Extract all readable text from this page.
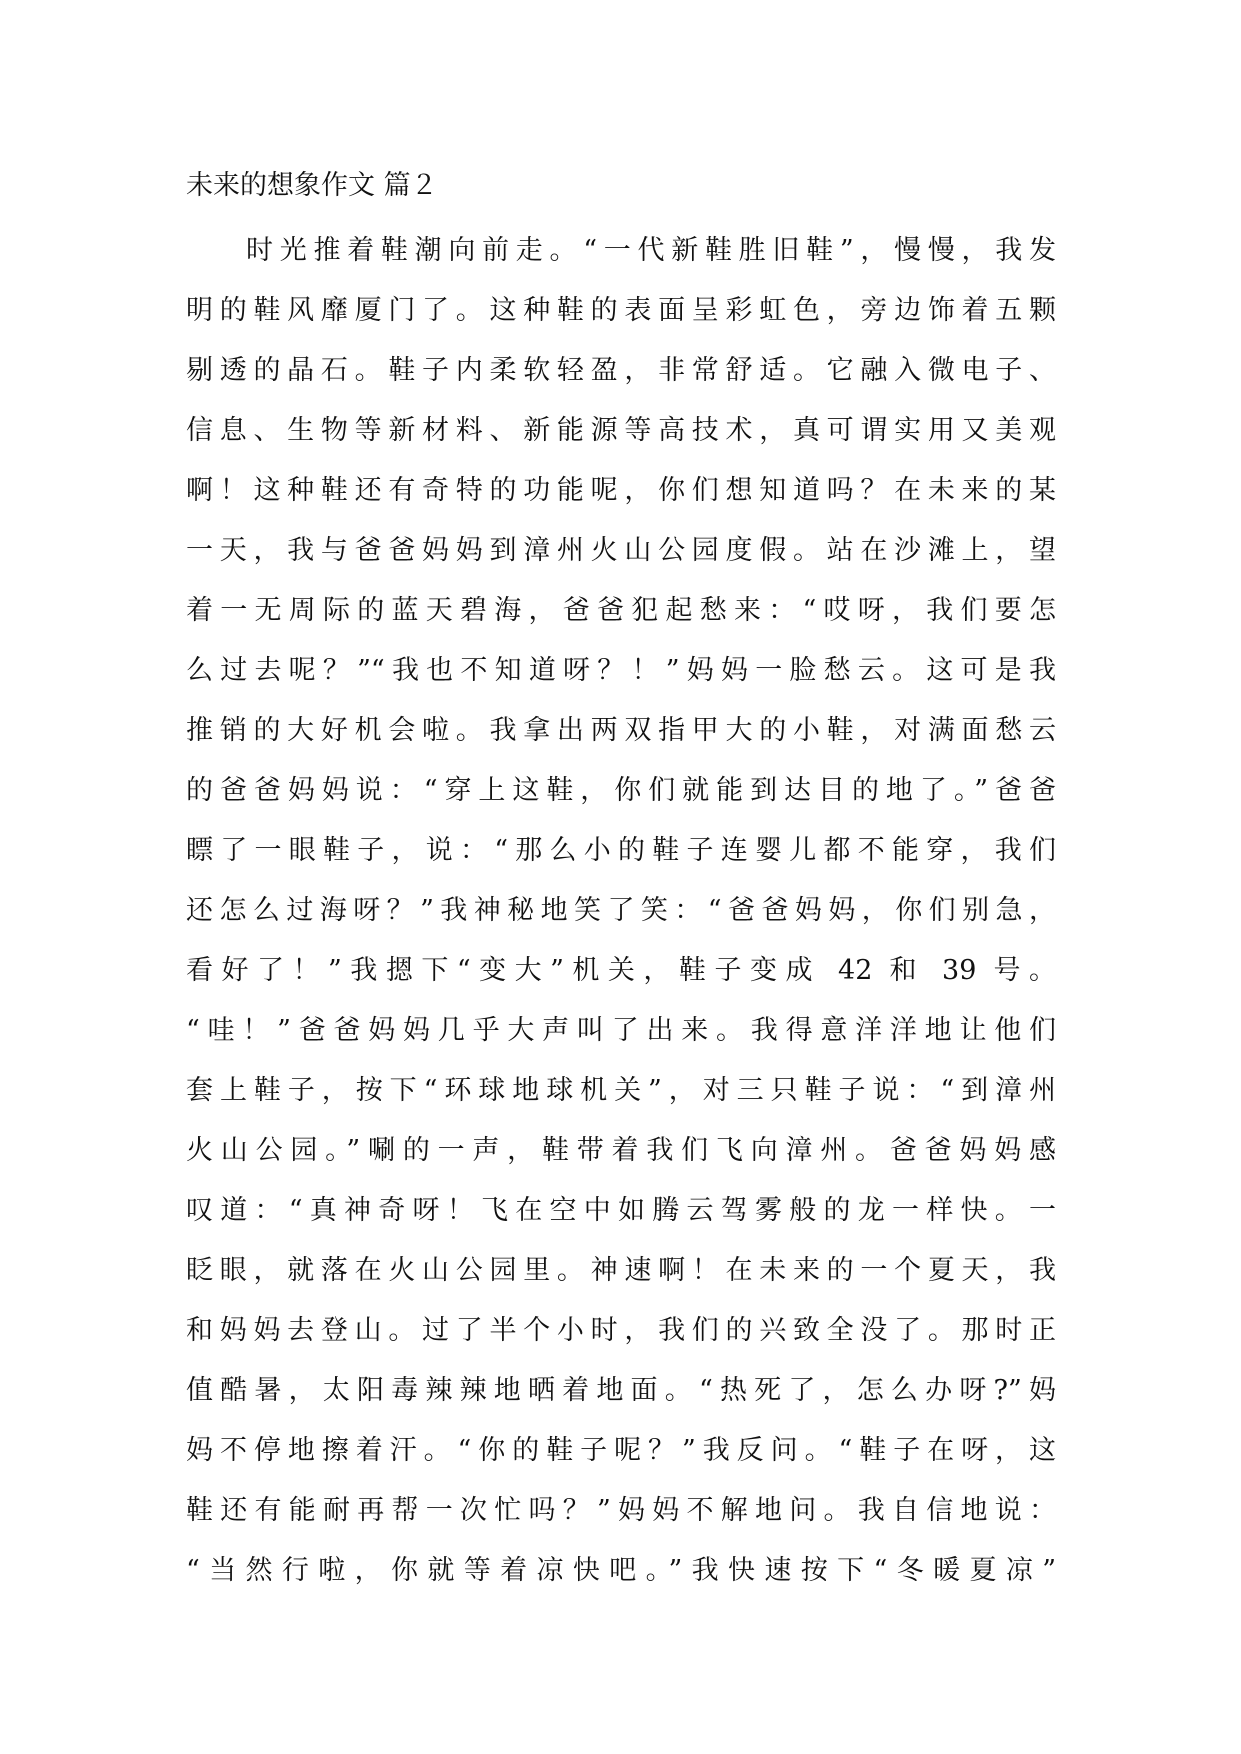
未来的想象作文 篇２
时光推着鞋潮向前走。“一代新鞋胜旧鞋”，慢慢，我发
明的鞋风靡厦门了。这种鞋的表面呈彩虹色，旁边饰着五颗
剔透的晶石。鞋子内柔软轻盈，非常舒适。它融入微电子、
信息、生物等新材料、新能源等高技术，真可谓实用又美观
啊！这种鞋还有奇特的功能呢，你们想知道吗？在未来的某
一天，我与爸爸妈妈到漳州火山公园度假。站在沙滩上，望
着一无周际的蓝天碧海，爸爸犯起愁来：“哎呀，我们要怎
么过去呢？”“我也不知道呀？！”妈妈一脸愁云。这可是我
推销的大好机会啦。我拿出两双指甲大的小鞋，对满面愁云
的爸爸妈妈说：“穿上这鞋，你们就能到达目的地了。”爸爸
瞟了一眼鞋子，说：“那么小的鞋子连婴儿都不能穿，我们
还怎么过海呀？”我神秘地笑了笑：“爸爸妈妈，你们别急，
看好了！”我摁下“变大”机关，鞋子变成 42 和 39 号。
“哇！”爸爸妈妈几乎大声叫了出来。我得意洋洋地让他们
套上鞋子，按下“环球地球机关”，对三只鞋子说：“到漳州
火山公园。”唰的一声，鞋带着我们飞向漳州。爸爸妈妈感
叹道：“真神奇呀！飞在空中如腾云驾雾般的龙一样快。一
眨眼，就落在火山公园里。神速啊！在未来的一个夏天，我
和妈妈去登山。过了半个小时，我们的兴致全没了。那时正
值酷暑，太阳毒辣辣地晒着地面。“热死了，怎么办呀?”妈
妈不停地擦着汗。“你的鞋子呢？”我反问。“鞋子在呀，这
鞋还有能耐再帮一次忙吗？”妈妈不解地问。我自信地说：
“当然行啦，你就等着凉快吧。”我快速按下“冬暖夏凉”
